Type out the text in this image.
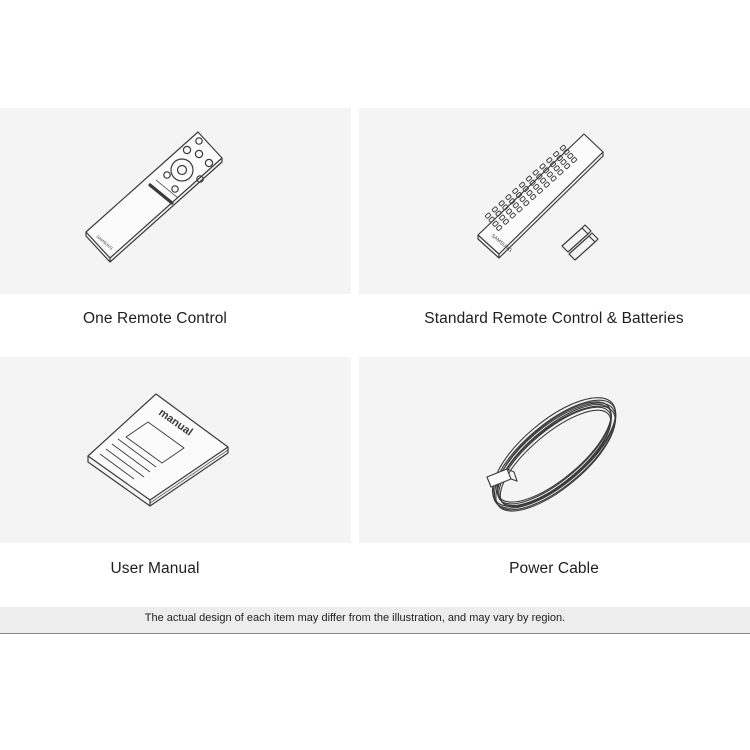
SAMSUNG
One Remote Control
SAMSUNG
Standard Remote Control & Batteries
manual
User Manual	Power Cable
The actual design of each item may differ from the illustration, and may vary by region.
